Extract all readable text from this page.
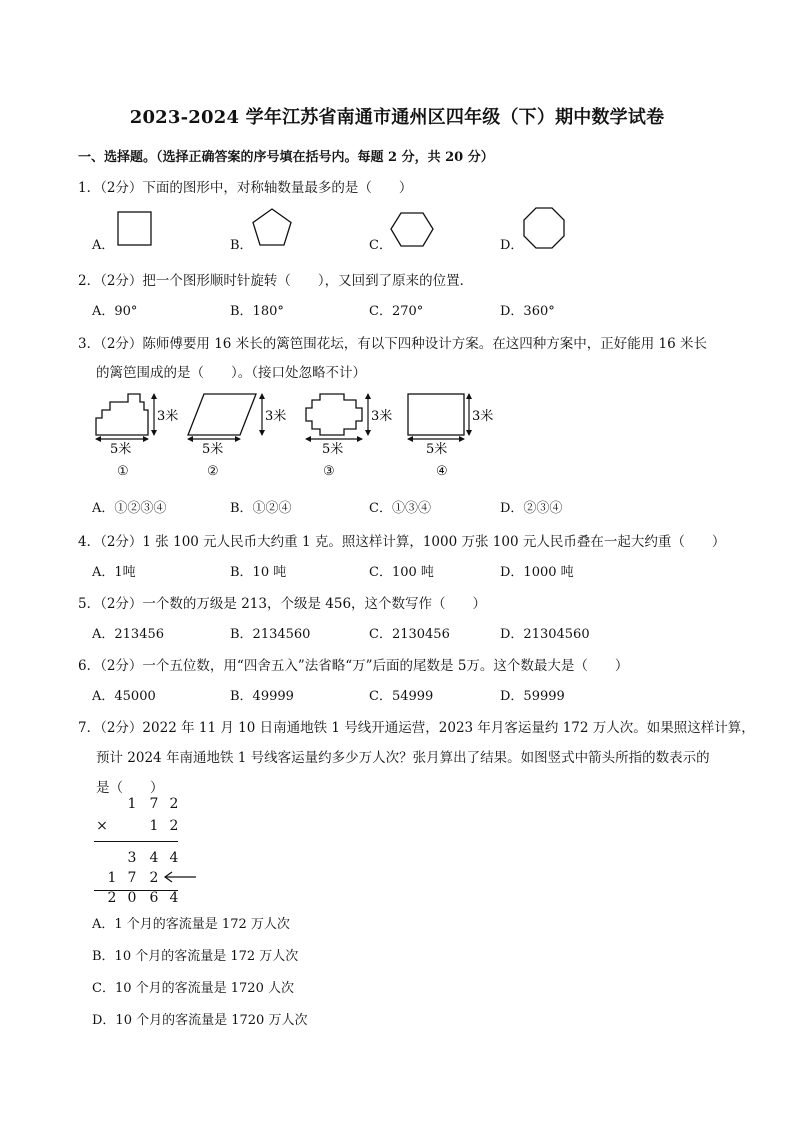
2023-2024 学年江苏省南通市通州区四年级（下）期中数学试卷
一、选择题。（选择正确答案的序号填在括号内。每题 2 分，共 20 分）
1．（2分）下面的图形中，对称轴数量最多的是（　　）
A．	B．	C．	D．
2．（2分）把一个图形顺时针旋转（　　），又回到了原来的位置．
A．90°	B．180°	C．270°	D．360°
3．（2分）陈师傅要用 16 米长的篱笆围花坛，有以下四种设计方案。在这四种方案中，正好能用 16 米长
的篱笆围成的是（　　）。（接口处忽略不计）
3米
5米
3米
5米
3米
5米
3米
5米
①	②	③	④
A．①②③④	B．①②④	C．①③④	D．②③④
4．（2分）1 张 100 元人民币大约重 1 克。照这样计算，1000 万张 100 元人民币叠在一起大约重（　　）
A．1吨	B．10 吨	C．100 吨	D．1000 吨
5．（2分）一个数的万级是 213，个级是 456，这个数写作（　　）
A．213456	B．2134560	C．2130456	D．21304560
6．（2分）一个五位数，用“四舍五入”法省略“万”后面的尾数是 5万。这个数最大是（　　）
A．45000	B．49999	C．54999	D．59999
7．（2分）2022 年 11 月 10 日南通地铁 1 号线开通运营，2023 年月客运量约 172 万人次。如果照这样计算，
预计 2024 年南通地铁 1 号线客运量约多少万人次？张月算出了结果。如图竖式中箭头所指的数表示的
是（　　）
1 7 2
×	1 2
3 4 4
1 7 2
2 0 6 4
A．1 个月的客流量是 172 万人次
B．10 个月的客流量是 172 万人次
C．10 个月的客流量是 1720 人次
D．10 个月的客流量是 1720 万人次
